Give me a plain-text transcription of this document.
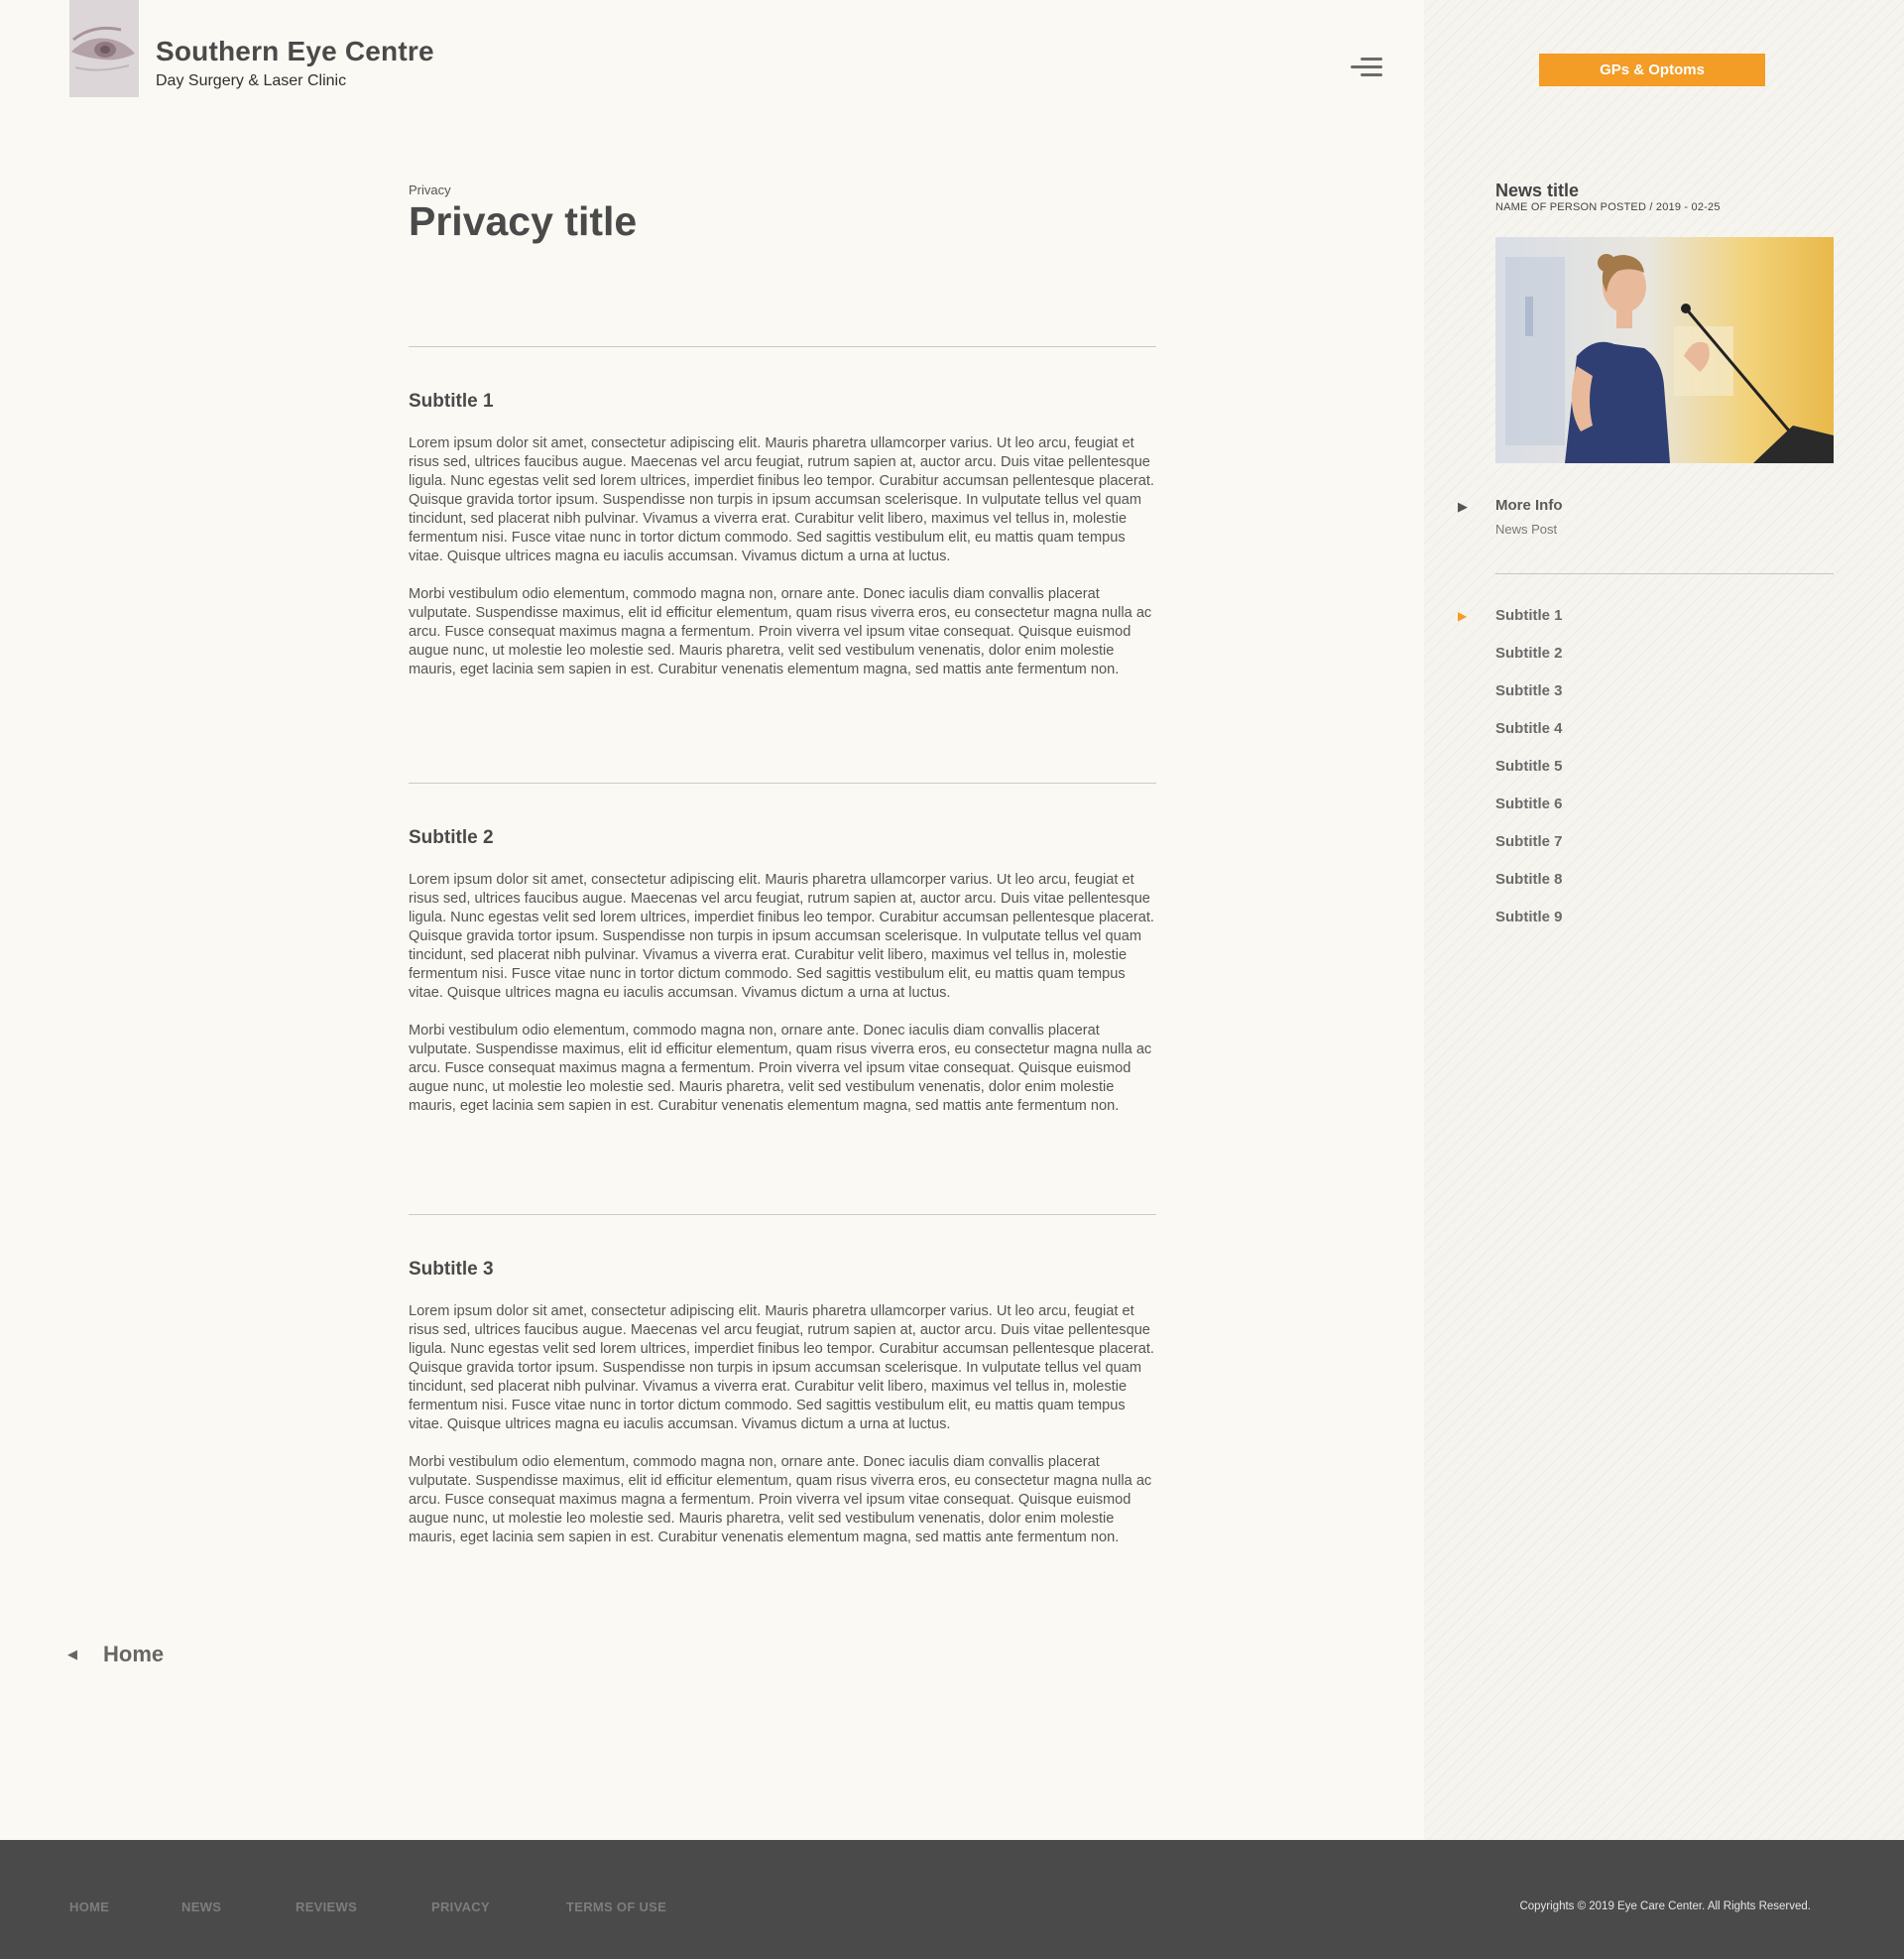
Southern Eye Centre
Day Surgery & Laser Clinic
GPs & Optoms
Privacy
Privacy title
Subtitle 1

Lorem ipsum dolor sit amet, consectetur adipiscing elit. Mauris pharetra ullamcorper varius. Ut leo arcu, feugiat et risus sed, ultrices faucibus augue. Maecenas vel arcu feugiat, rutrum sapien at, auctor arcu. Duis vitae pellentesque ligula. Nunc egestas velit sed lorem ultrices, imperdiet finibus leo tempor. Curabitur accumsan pellentesque placerat. Quisque gravida tortor ipsum. Suspendisse non turpis in ipsum accumsan scelerisque. In vulputate tellus vel quam tincidunt, sed placerat nibh pulvinar. Vivamus a viverra erat. Curabitur velit libero, maximus vel tellus in, molestie fermentum nisi. Fusce vitae nunc in tortor dictum commodo. Sed sagittis vestibulum elit, eu mattis quam tempus vitae. Quisque ultrices magna eu iaculis accumsan. Vivamus dictum a urna at luctus.

Morbi vestibulum odio elementum, commodo magna non, ornare ante. Donec iaculis diam convallis placerat vulputate. Suspendisse maximus, elit id efficitur elementum, quam risus viverra eros, eu consectetur magna nulla ac arcu. Fusce consequat maximus magna a fermentum. Proin viverra vel ipsum vitae consequat. Quisque euismod augue nunc, ut molestie leo molestie sed. Mauris pharetra, velit sed vestibulum venenatis, dolor enim molestie mauris, eget lacinia sem sapien in est. Curabitur venenatis elementum magna, sed mattis ante fermentum non.

Subtitle 2

Lorem ipsum dolor sit amet, consectetur adipiscing elit. Mauris pharetra ullamcorper varius. Ut leo arcu, feugiat et risus sed, ultrices faucibus augue. Maecenas vel arcu feugiat, rutrum sapien at, auctor arcu. Duis vitae pellentesque ligula. Nunc egestas velit sed lorem ultrices, imperdiet finibus leo tempor. Curabitur accumsan pellentesque placerat. Quisque gravida tortor ipsum. Suspendisse non turpis in ipsum accumsan scelerisque. In vulputate tellus vel quam tincidunt, sed placerat nibh pulvinar. Vivamus a viverra erat. Curabitur velit libero, maximus vel tellus in, molestie fermentum nisi. Fusce vitae nunc in tortor dictum commodo. Sed sagittis vestibulum elit, eu mattis quam tempus vitae. Quisque ultrices magna eu iaculis accumsan. Vivamus dictum a urna at luctus.

Morbi vestibulum odio elementum, commodo magna non, ornare ante. Donec iaculis diam convallis placerat vulputate. Suspendisse maximus, elit id efficitur elementum, quam risus viverra eros, eu consectetur magna nulla ac arcu. Fusce consequat maximus magna a fermentum. Proin viverra vel ipsum vitae consequat. Quisque euismod augue nunc, ut molestie leo molestie sed. Mauris pharetra, velit sed vestibulum venenatis, dolor enim molestie mauris, eget lacinia sem sapien in est. Curabitur venenatis elementum magna, sed mattis ante fermentum non.

Subtitle 3

Lorem ipsum dolor sit amet, consectetur adipiscing elit. Mauris pharetra ullamcorper varius. Ut leo arcu, feugiat et risus sed, ultrices faucibus augue. Maecenas vel arcu feugiat, rutrum sapien at, auctor arcu. Duis vitae pellentesque ligula. Nunc egestas velit sed lorem ultrices, imperdiet finibus leo tempor. Curabitur accumsan pellentesque placerat. Quisque gravida tortor ipsum. Suspendisse non turpis in ipsum accumsan scelerisque. In vulputate tellus vel quam tincidunt, sed placerat nibh pulvinar. Vivamus a viverra erat. Curabitur velit libero, maximus vel tellus in, molestie fermentum nisi. Fusce vitae nunc in tortor dictum commodo. Sed sagittis vestibulum elit, eu mattis quam tempus vitae. Quisque ultrices magna eu iaculis accumsan. Vivamus dictum a urna at luctus.

Morbi vestibulum odio elementum, commodo magna non, ornare ante. Donec iaculis diam convallis placerat vulputate. Suspendisse maximus, elit id efficitur elementum, quam risus viverra eros, eu consectetur magna nulla ac arcu. Fusce consequat maximus magna a fermentum. Proin viverra vel ipsum vitae consequat. Quisque euismod augue nunc, ut molestie leo molestie sed. Mauris pharetra, velit sed vestibulum venenatis, dolor enim molestie mauris, eget lacinia sem sapien in est. Curabitur venenatis elementum magna, sed mattis ante fermentum non.

News title
NAME OF PERSON POSTED / 2019 - 02-25
▶ More Info
News Post
▶ Subtitle 1
Subtitle 2
Subtitle 3
Subtitle 4
Subtitle 5
Subtitle 6
Subtitle 7
Subtitle 8
Subtitle 9
◀ Home
HOME	NEWS	REVIEWS	PRIVACY	TERMS OF USE	Copyrights © 2019 Eye Care Center. All Rights Reserved.
